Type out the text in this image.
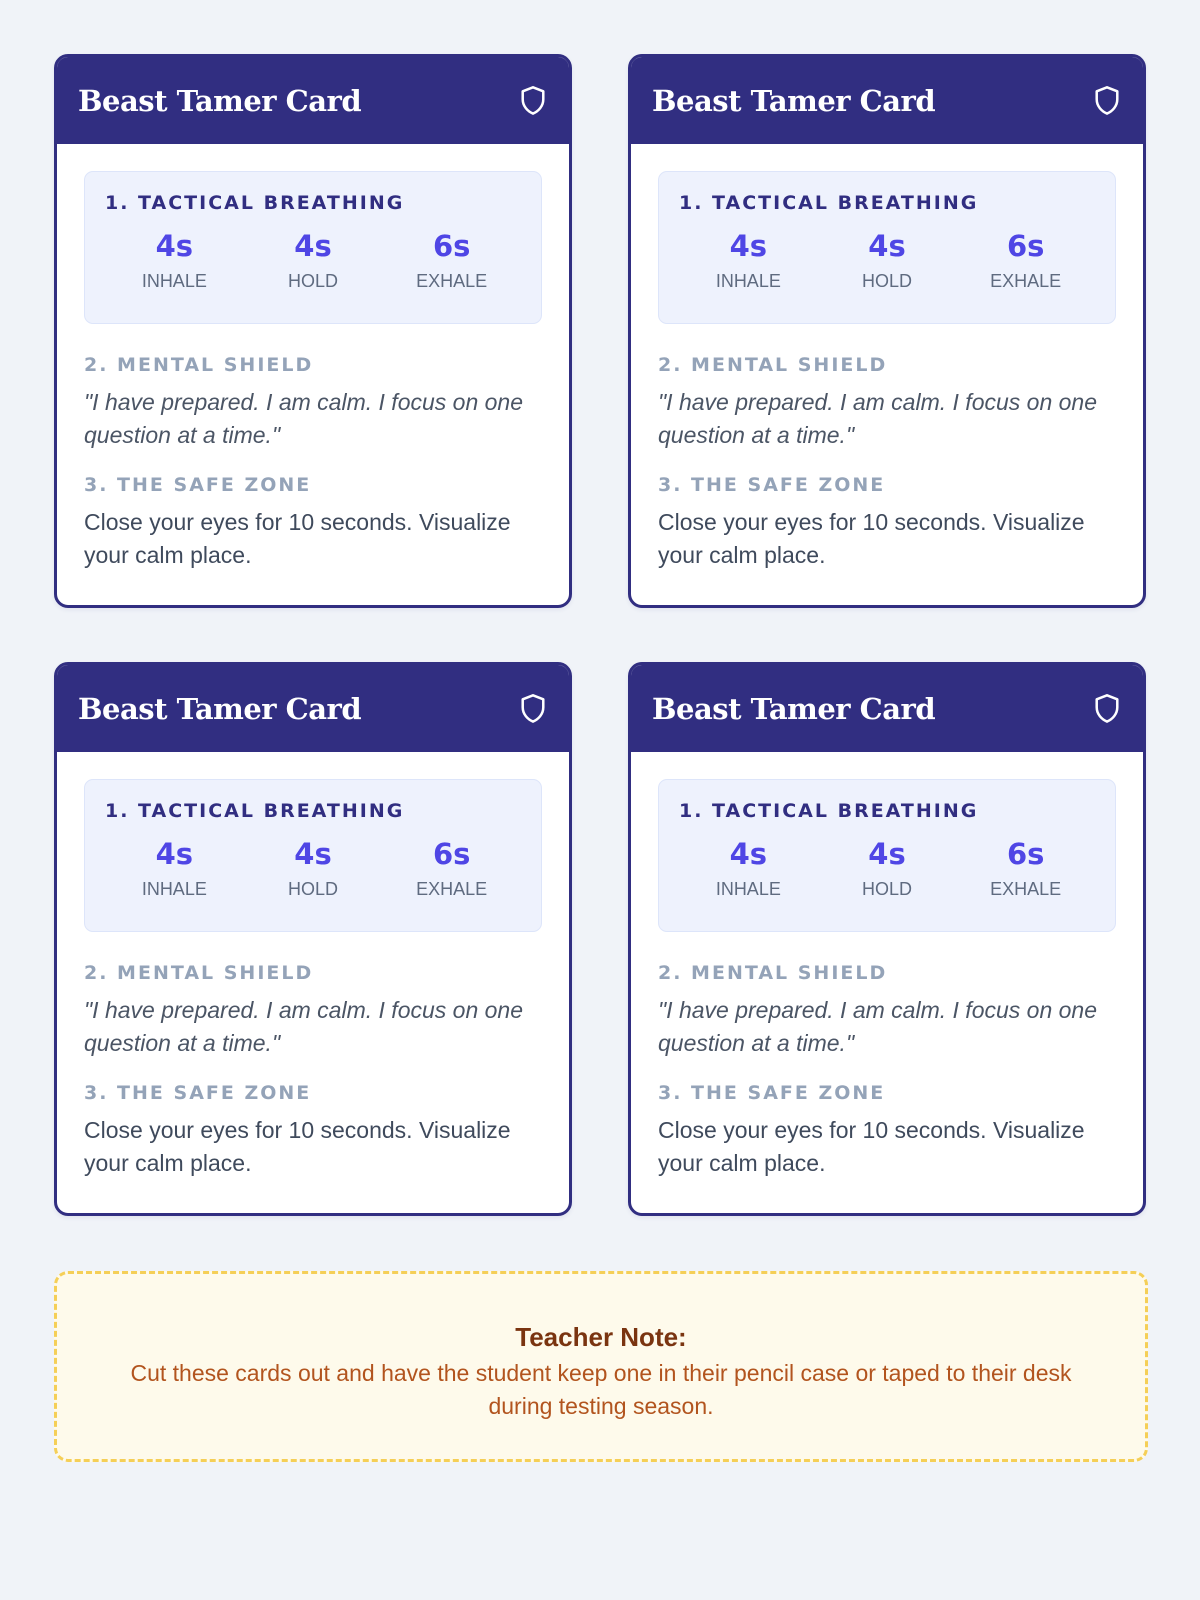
Beast Tamer Card
1. TACTICAL BREATHING
4s
INHALE
4s
HOLD
6s
EXHALE
2. MENTAL SHIELD
"I have prepared. I am calm. I focus on one question at a time."
3. THE SAFE ZONE
Close your eyes for 10 seconds. Visualize your calm place.
Beast Tamer Card
1. TACTICAL BREATHING
4s
INHALE
4s
HOLD
6s
EXHALE
2. MENTAL SHIELD
"I have prepared. I am calm. I focus on one question at a time."
3. THE SAFE ZONE
Close your eyes for 10 seconds. Visualize your calm place.
Beast Tamer Card
1. TACTICAL BREATHING
4s
INHALE
4s
HOLD
6s
EXHALE
2. MENTAL SHIELD
"I have prepared. I am calm. I focus on one question at a time."
3. THE SAFE ZONE
Close your eyes for 10 seconds. Visualize your calm place.
Beast Tamer Card
1. TACTICAL BREATHING
4s
INHALE
4s
HOLD
6s
EXHALE
2. MENTAL SHIELD
"I have prepared. I am calm. I focus on one question at a time."
3. THE SAFE ZONE
Close your eyes for 10 seconds. Visualize your calm place.
Teacher Note:
Cut these cards out and have the student keep one in their pencil case or taped to their desk during testing season.
